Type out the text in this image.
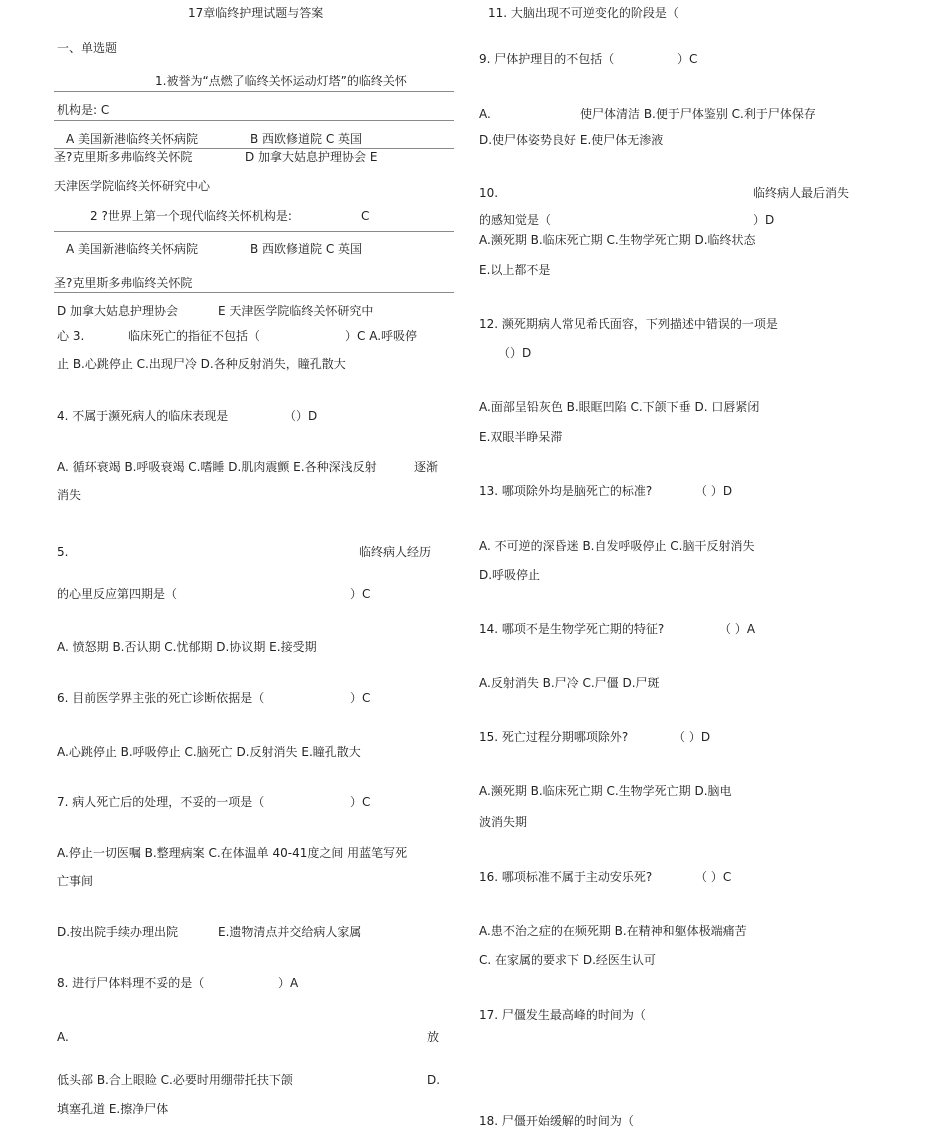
17章临终护理试题与答案
一、单选题
1.被誉为“点燃了临终关怀运动灯塔”的临终关怀
机构是: C
A 美国新港临终关怀病院	B 西欧修道院 C 英国
圣?克里斯多弗临终关怀院	D 加拿大姑息护理协会 E
天津医学院临终关怀研究中心
2 ?世界上第一个现代临终关怀机构是:	C
A 美国新港临终关怀病院	B 西欧修道院 C 英国
圣?克里斯多弗临终关怀院
D 加拿大姑息护理协会	E 天津医学院临终关怀研究中
心 3.	临床死亡的指征不包括（	）C A.呼吸停
止 B.心跳停止 C.出现尸冷 D.各种反射消失，瞳孔散大
4. 不属于濒死病人的临床表现是	（）D
A. 循环衰竭 B.呼吸衰竭 C.嗜睡 D.肌肉震颤 E.各种深浅反射	逐渐
消失
5.	临终病人经历
的心里反应第四期是（	）C
A. 愤怒期 B.否认期 C.忧郁期 D.协议期 E.接受期
6. 目前医学界主张的死亡诊断依据是（	）C
A.心跳停止 B.呼吸停止 C.脑死亡 D.反射消失 E.瞳孔散大
7. 病人死亡后的处理，不妥的一项是（	）C
A.停止一切医嘱 B.整理病案 C.在体温单 40-41度之间 用蓝笔写死
亡事间
D.按出院手续办理出院	E.遗物清点并交给病人家属
8. 进行尸体料理不妥的是（	）A
A.	放
低头部 B.合上眼睑 C.必要时用绷带托扶下颌	D.
填塞孔道 E.擦净尸体
11. 大脑出现不可逆变化的阶段是（
9. 尸体护理目的不包括（	）C
A.	使尸体清洁 B.便于尸体鉴别 C.利于尸体保存
D.使尸体姿势良好 E.使尸体无渗液
10.	临终病人最后消失
的感知觉是（	）D
A.濒死期 B.临床死亡期 C.生物学死亡期 D.临终状态
E.以上都不是
12. 濒死期病人常见希氏面容，下列描述中错误的一项是
（）D
A.面部呈铅灰色 B.眼眶凹陷 C.下颌下垂 D. 口唇紧闭
E.双眼半睁呆滞
13. 哪项除外均是脑死亡的标准?	（ ）D
A. 不可逆的深昏迷 B.自发呼吸停止 C.脑干反射消失
D.呼吸停止
14. 哪项不是生物学死亡期的特征?	（ ）A
A.反射消失 B.尸冷 C.尸僵 D.尸斑
15. 死亡过程分期哪项除外?	（ ）D
A.濒死期 B.临床死亡期 C.生物学死亡期 D.脑电
波消失期
16. 哪项标准不属于主动安乐死?	（ ）C
A.患不治之症的在频死期 B.在精神和躯体极端痛苦
C. 在家属的要求下 D.经医生认可
17. 尸僵发生最高峰的时间为（
18. 尸僵开始缓解的时间为（
